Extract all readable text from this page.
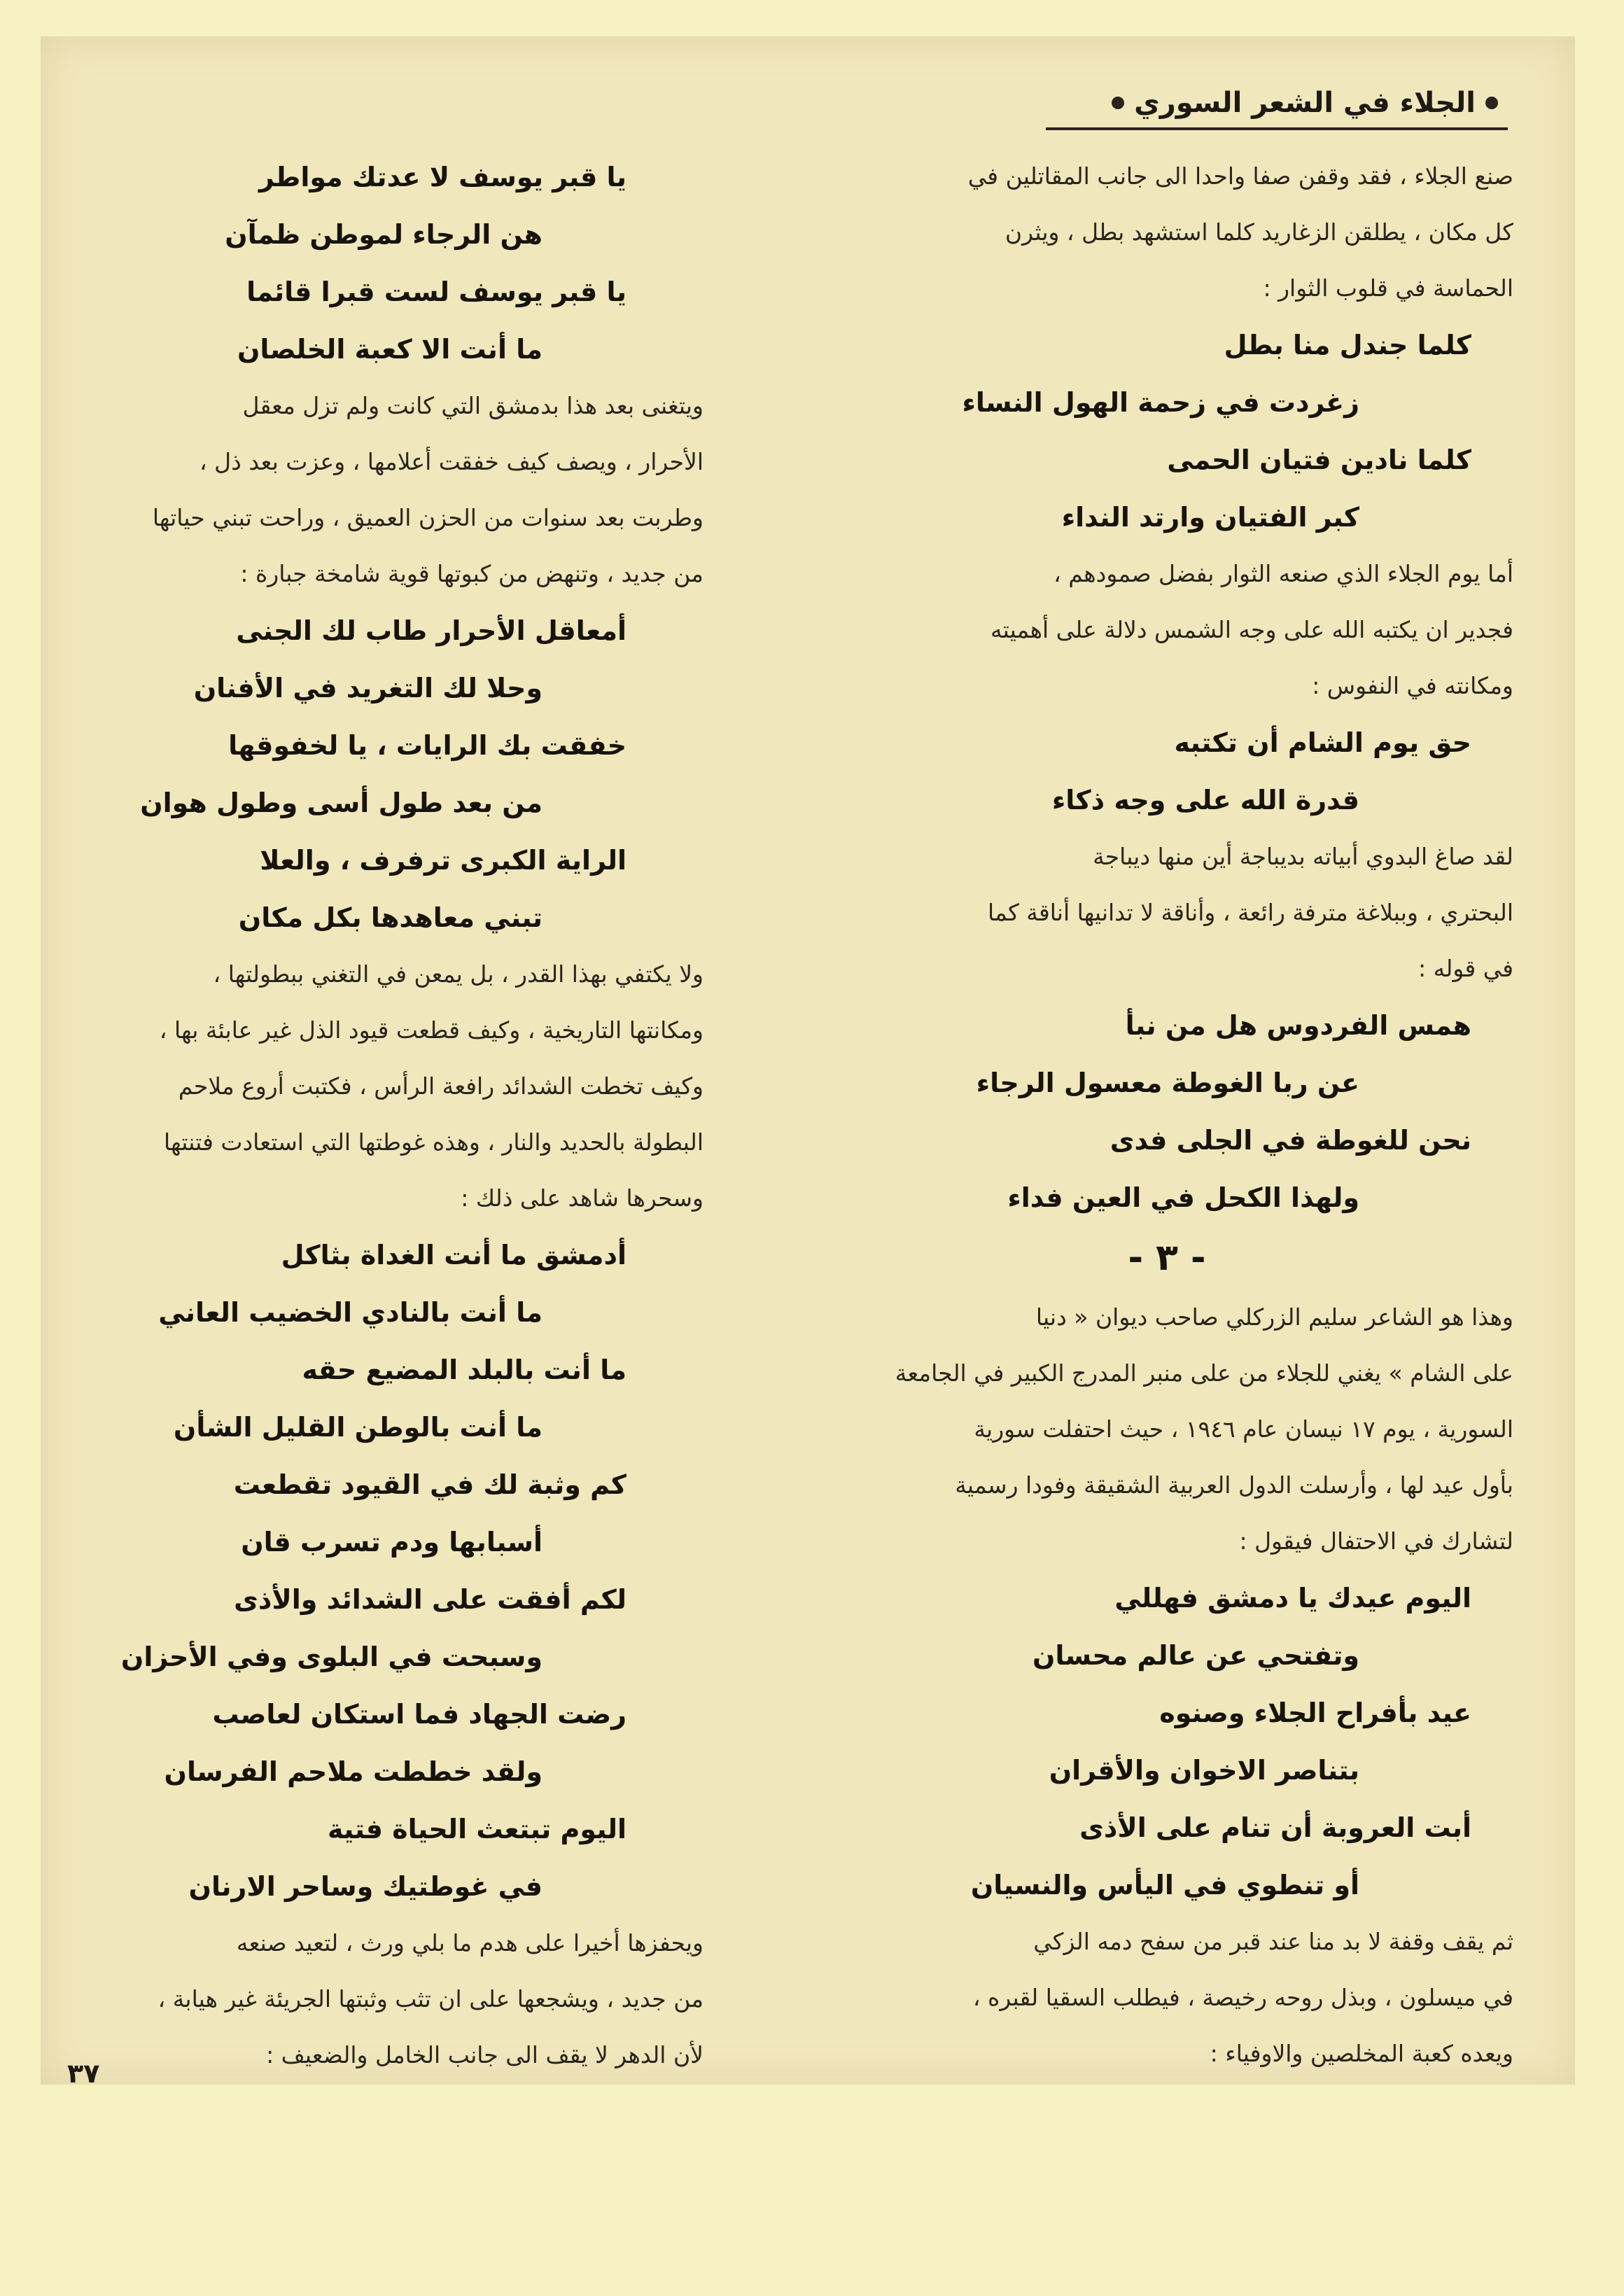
الجلاء في الشعر السوري
صنع الجلاء ، فقد وقفن صفا واحدا الى جانب المقاتلين في
كل مكان ، يطلقن الزغاريد كلما استشهد بطل ، ويثرن
الحماسة في قلوب الثوار :
كلما جندل منا بطل
زغردت في زحمة الهول النساء
كلما نادين فتيان الحمى
كبر الفتيان وارتد النداء
أما يوم الجلاء الذي صنعه الثوار بفضل صمودهم ،
فجدير ان يكتبه الله على وجه الشمس دلالة على أهميته
ومكانته في النفوس :
حق يوم الشام أن تكتبه
قدرة الله على وجه ذكاء
لقد صاغ البدوي أبياته بديباجة أين منها ديباجة
البحتري ، وببلاغة مترفة رائعة ، وأناقة لا تدانيها أناقة كما
في قوله :
همس الفردوس هل من نبأ
عن ربا الغوطة معسول الرجاء
نحن للغوطة في الجلى فدى
ولهذا الكحل في العين فداء
- ٣ -
وهذا هو الشاعر سليم الزركلي صاحب ديوان « دنيا
على الشام » يغني للجلاء من على منبر المدرج الكبير في الجامعة
السورية ، يوم ١٧ نيسان عام ١٩٤٦ ، حيث احتفلت سورية
بأول عيد لها ، وأرسلت الدول العربية الشقيقة وفودا رسمية
لتشارك في الاحتفال فيقول :
اليوم عيدك يا دمشق فهللي
وتفتحي عن عالم محسان
عيد بأفراح الجلاء وصنوه
بتناصر الاخوان والأقران
أبت العروبة أن تنام على الأذى
أو تنطوي في اليأس والنسيان
ثم يقف وقفة لا بد منا عند قبر من سفح دمه الزكي
في ميسلون ، وبذل روحه رخيصة ، فيطلب السقيا لقبره ،
ويعده كعبة المخلصين والاوفياء :
يا قبر يوسف لا عدتك مواطر
هن الرجاء لموطن ظمآن
يا قبر يوسف لست قبرا قائما
ما أنت الا كعبة الخلصان
ويتغنى بعد هذا بدمشق التي كانت ولم تزل معقل
الأحرار ، ويصف كيف خفقت أعلامها ، وعزت بعد ذل ،
وطربت بعد سنوات من الحزن العميق ، وراحت تبني حياتها
من جديد ، وتنهض من كبوتها قوية شامخة جبارة :
أمعاقل الأحرار طاب لك الجنى
وحلا لك التغريد في الأفنان
خفقت بك الرايات ، يا لخفوقها
من بعد طول أسى وطول هوان
الراية الكبرى ترفرف ، والعلا
تبني معاهدها بكل مكان
ولا يكتفي بهذا القدر ، بل يمعن في التغني ببطولتها ،
ومكانتها التاريخية ، وكيف قطعت قيود الذل غير عابئة بها ،
وكيف تخطت الشدائد رافعة الرأس ، فكتبت أروع ملاحم
البطولة بالحديد والنار ، وهذه غوطتها التي استعادت فتنتها
وسحرها شاهد على ذلك :
أدمشق ما أنت الغداة بثاكل
ما أنت بالنادي الخضيب العاني
ما أنت بالبلد المضيع حقه
ما أنت بالوطن القليل الشأن
كم وثبة لك في القيود تقطعت
أسبابها ودم تسرب قان
لكم أفقت على الشدائد والأذى
وسبحت في البلوى وفي الأحزان
رضت الجهاد فما استكان لعاصب
ولقد خططت ملاحم الفرسان
اليوم تبتعث الحياة فتية
في غوطتيك وساحر الارنان
ويحفزها أخيرا على هدم ما بلي ورث ، لتعيد صنعه
من جديد ، ويشجعها على ان تثب وثبتها الجريئة غير هيابة ،
لأن الدهر لا يقف الى جانب الخامل والضعيف :
٣٧
